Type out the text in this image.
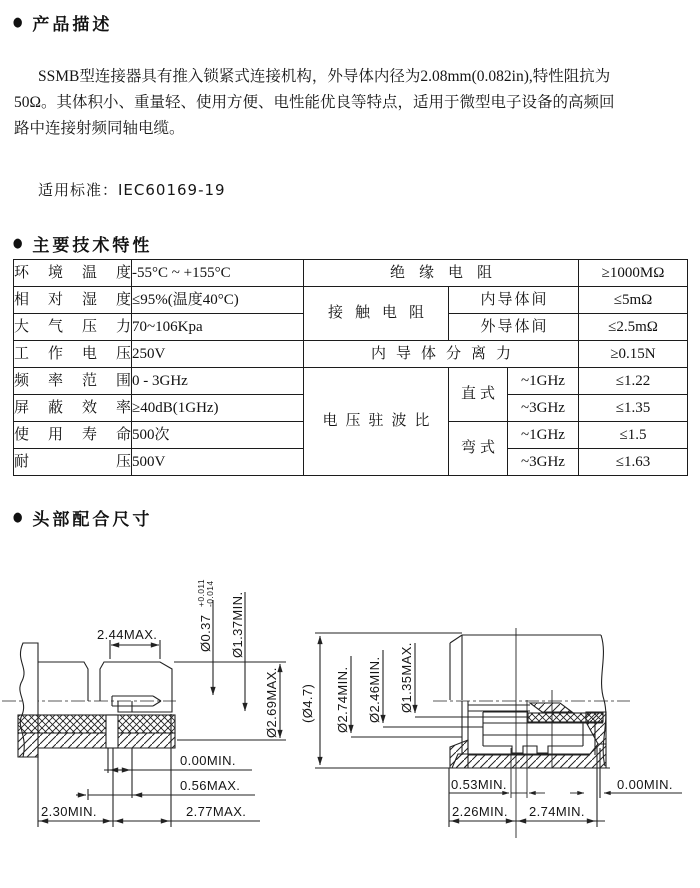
● 产品描述
SSMB型连接器具有推入锁紧式连接机构，外导体内径为2.08mm(0.082in),特性阻抗为
50Ω。其体积小、重量轻、使用方便、电性能优良等特点，适用于微型电子设备的高频回
路中连接射频同轴电缆。
适用标准：IEC60169-19
● 主要技术特性
环境温度	-55°C ~ +155°C	绝缘电阻			≥1000MΩ
相对湿度	≤95%(温度40°C)	接触电阻	内导体间		≤5mΩ
大气压力	70~106Kpa		外导体间		≤2.5mΩ
工作电压	250V	内导体分离力			≥0.15N
频率范围	0 - 3GHz	电压驻波比	直式	~1GHz	≤1.22
屏蔽效率	≥40dB(1GHz)			~3GHz	≤1.35
使用寿命	500次		弯式	~1GHz	≤1.5
耐压	500V			~3GHz	≤1.63
● 头部配合尺寸
2.44MAX.	Ø0.37
+0.011 -0.014 Ø1.37MIN.
Ø2.69MAX.
0.00MIN.
0.56MAX.
2.30MIN.	2.77MAX.
(Ø4.7) Ø2.74MIN. Ø2.46MIN. Ø1.35MAX.
0.53MIN.	0.00MIN.
2.26MIN. 2.74MIN.
